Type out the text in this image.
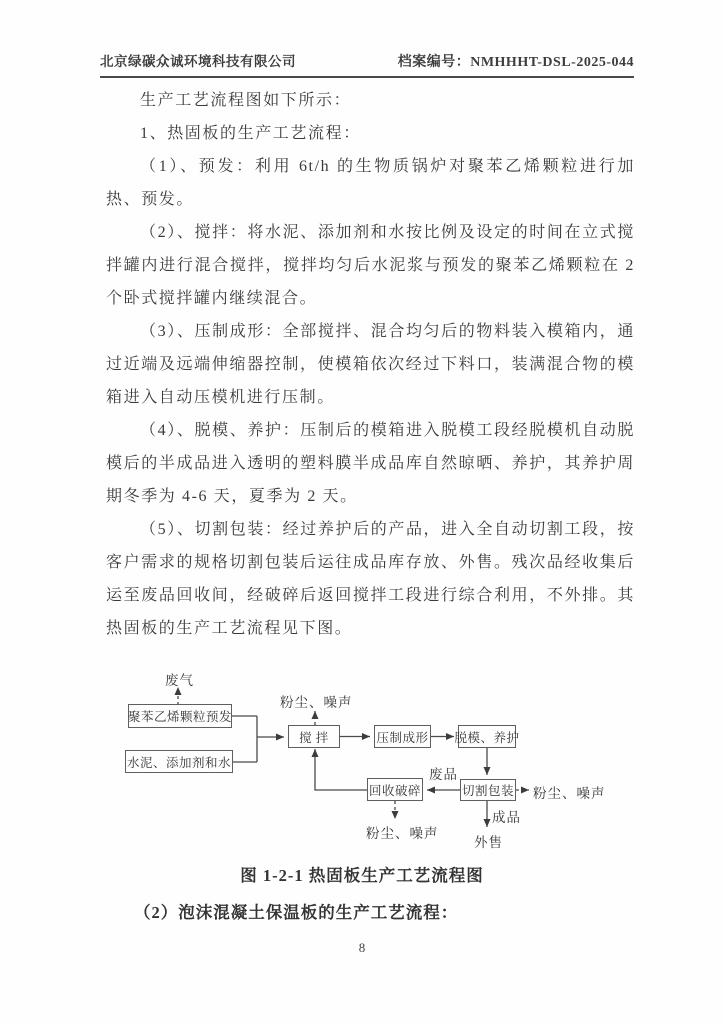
北京绿碳众诚环境科技有限公司	档案编号：NMHHHT-DSL-2025-044

生产工艺流程图如下所示：

1、热固板的生产工艺流程：

（1）、预发：利用 6t/h 的生物质锅炉对聚苯乙烯颗粒进行加热、预发。

（2）、搅拌：将水泥、添加剂和水按比例及设定的时间在立式搅拌罐内进行混合搅拌，搅拌均匀后水泥浆与预发的聚苯乙烯颗粒在 2 个卧式搅拌罐内继续混合。

（3）、压制成形：全部搅拌、混合均匀后的物料装入模箱内，通过近端及远端伸缩器控制，使模箱依次经过下料口，装满混合物的模箱进入自动压模机进行压制。

（4）、脱模、养护：压制后的模箱进入脱模工段经脱模机自动脱模后的半成品进入透明的塑料膜半成品库自然晾晒、养护，其养护周期冬季为 4-6 天，夏季为 2 天。

（5）、切割包装：经过养护后的产品，进入全自动切割工段，按客户需求的规格切割包装后运往成品库存放、外售。残次品经收集后运至废品回收间，经破碎后返回搅拌工段进行综合利用，不外排。其热固板的生产工艺流程见下图。

聚苯乙烯颗粒预发
水泥、添加剂和水
搅 拌	压制成形 脱模、养护
切割包装
回收破碎
废气
粉尘、噪声
废品
粉尘、噪声
成品
外售
粉尘、噪声
图 1-2-1 热固板生产工艺流程图

（2）泡沫混凝土保温板的生产工艺流程：

8
